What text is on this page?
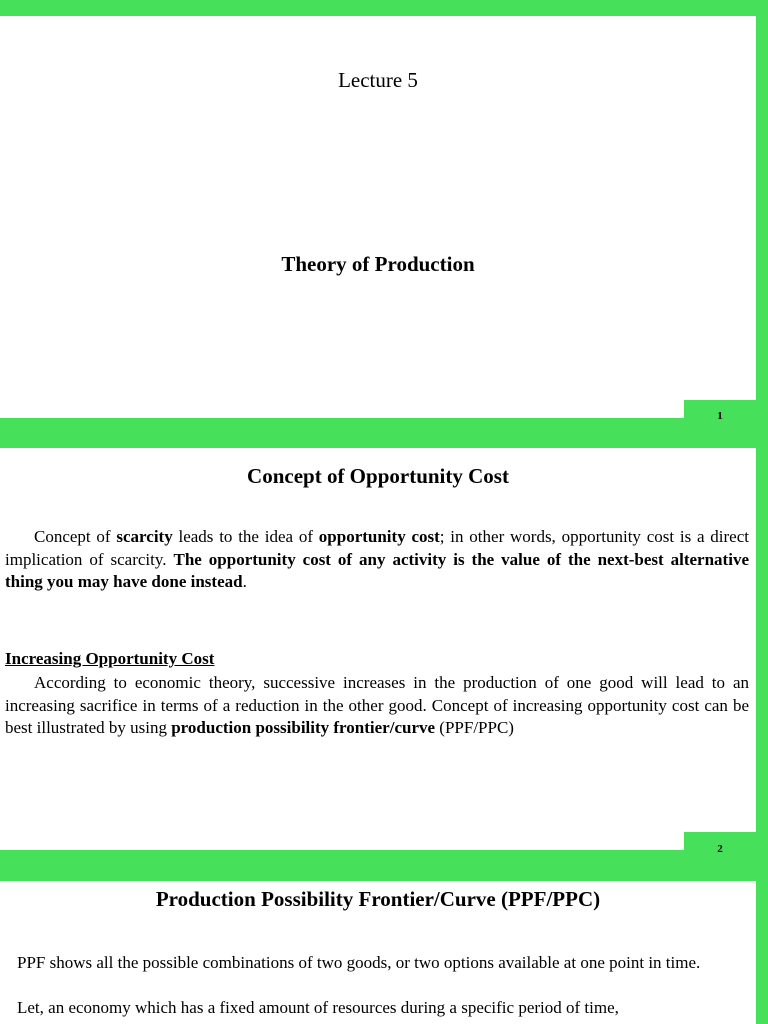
Lecture 5
Theory of Production
1
Concept of Opportunity Cost
Concept of scarcity leads to the idea of opportunity cost; in other words, opportunity cost is a direct implication of scarcity. The opportunity cost of any activity is the value of the next-best alternative thing you may have done instead.
Increasing Opportunity Cost
According to economic theory, successive increases in the production of one good will lead to an increasing sacrifice in terms of a reduction in the other good. Concept of increasing opportunity cost can be best illustrated by using production possibility frontier/curve (PPF/PPC)
2
Production Possibility Frontier/Curve (PPF/PPC)
PPF shows all the possible combinations of two goods, or two options available at one point in time.
Let, an economy which has a fixed amount of resources during a specific period of time,
